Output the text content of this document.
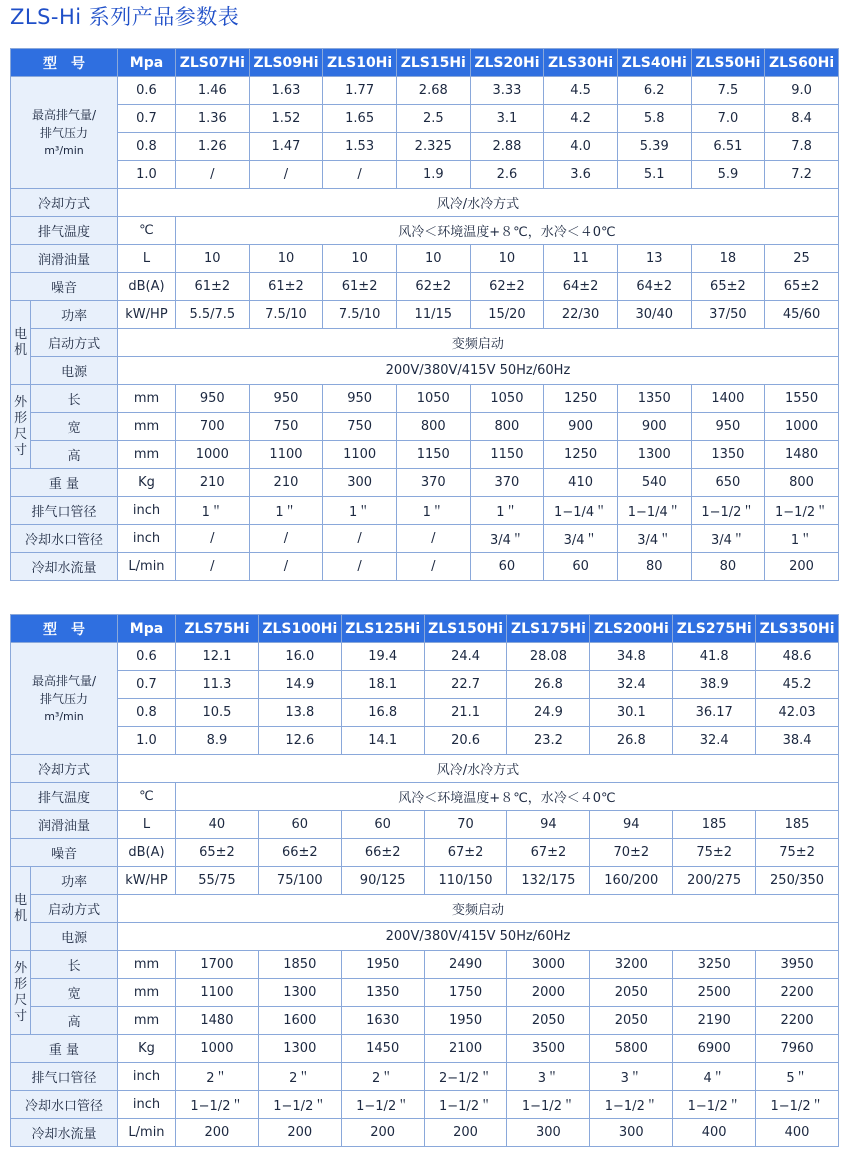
ZLS-Hi 系列产品参数表
型　号		Mpa	ZLS07Hi	ZLS09Hi	ZLS10Hi	ZLS15Hi	ZLS20Hi	ZLS30Hi	ZLS40Hi	ZLS50Hi	ZLS60Hi

最高排气量/
排气压力
m³/min		0.6	1.46	1.63	1.77	2.68	3.33	4.5	6.2	7.5	9.0
		0.7	1.36	1.52	1.65	2.5	3.1	4.2	5.8	7.0	8.4
		0.8	1.26	1.47	1.53	2.325	2.88	4.0	5.39	6.51	7.8
		1.0	/	/	/	1.9	2.6	3.6	5.1	5.9	7.2
冷却方式		风冷/水冷方式									
排气温度		℃	风冷＜环境温度+８℃，水冷＜４0℃								
润滑油量		L	10	10	10	10	10	11	13	18	25
噪音		dB(A)	61±2	61±2	61±2	62±2	62±2	64±2	64±2	65±2	65±2

电
机	功率	kW/HP	5.5/7.5	7.5/10	7.5/10	11/15	15/20	22/30	30/40	37/50	45/60
	启动方式	变频启动									
	电源	200V/380V/415V 50Hz/60Hz									

外
形
尺
寸	长	mm	950	950	950	1050	1050	1250	1350	1400	1550
	宽	mm	700	750	750	800	800	900	900	950	1000
	高	mm	1000	1100	1100	1150	1150	1250	1300	1350	1480
重 量		Kg	210	210	300	370	370	410	540	650	800
排气口管径		inch	1＂	1＂	1＂	1＂	1＂	1−1/4＂	1−1/4＂	1−1/2＂	1−1/2＂
冷却水口管径		inch	/	/	/	/	3/4＂	3/4＂	3/4＂	3/4＂	1＂
冷却水流量		L/min	/	/	/	/	60	60	80	80	200
型　号		Mpa	ZLS75Hi	ZLS100Hi	ZLS125Hi	ZLS150Hi	ZLS175Hi	ZLS200Hi	ZLS275Hi	ZLS350Hi

最高排气量/
排气压力
m³/min		0.6	12.1	16.0	19.4	24.4	28.08	34.8	41.8	48.6
		0.7	11.3	14.9	18.1	22.7	26.8	32.4	38.9	45.2
		0.8	10.5	13.8	16.8	21.1	24.9	30.1	36.17	42.03
		1.0	8.9	12.6	14.1	20.6	23.2	26.8	32.4	38.4
冷却方式		风冷/水冷方式								
排气温度		℃	风冷＜环境温度+８℃，水冷＜４0℃							
润滑油量		L	40	60	60	70	94	94	185	185
噪音		dB(A)	65±2	66±2	66±2	67±2	67±2	70±2	75±2	75±2

电
机	功率	kW/HP	55/75	75/100	90/125	110/150	132/175	160/200	200/275	250/350
	启动方式	变频启动								
	电源	200V/380V/415V 50Hz/60Hz								

外
形
尺
寸	长	mm	1700	1850	1950	2490	3000	3200	3250	3950
	宽	mm	1100	1300	1350	1750	2000	2050	2500	2200
	高	mm	1480	1600	1630	1950	2050	2050	2190	2200
重 量		Kg	1000	1300	1450	2100	3500	5800	6900	7960
排气口管径		inch	2＂	2＂	2＂	2−1/2＂	3＂	3＂	4＂	5＂
冷却水口管径		inch	1−1/2＂	1−1/2＂	1−1/2＂	1−1/2＂	1−1/2＂	1−1/2＂	1−1/2＂	1−1/2＂
冷却水流量		L/min	200	200	200	200	300	300	400	400
